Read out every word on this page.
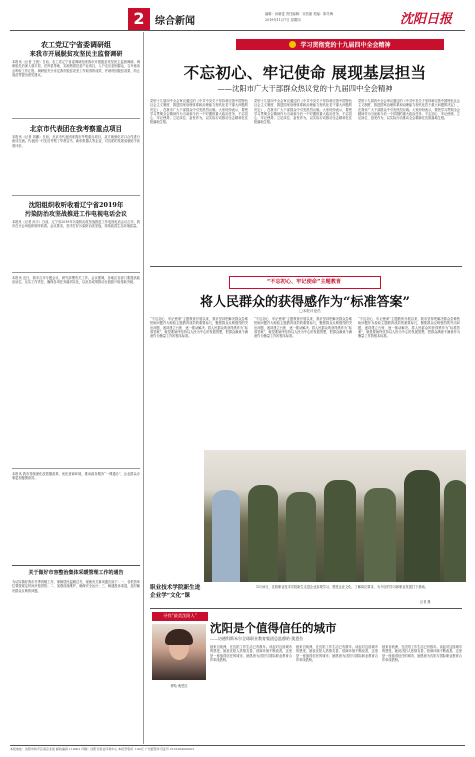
2	综合新闻
编辑：孙晓雯 责任编辑：宋晋丽 美编：陈冬梅
2019年11月7日 星期四	沈阳日报
农工党辽宁省委调研组
来我市开展脱贫攻坚民主监督调研
本报讯（记者 王晨）日前，农工党辽宁省委调研组来我市开展脱贫攻坚民主监督调研。调研组先后深入康平县、法库县等地，实地察看扶贫产业项目，入户走访贫困群众，召开座谈会听取工作汇报。调研组充分肯定我市脱贫攻坚工作取得的成效，并就巩固脱贫成果、防止返贫等提出意见建议。
北京市代表团在我考察重点项目
本报讯（记者 刘鹏）日前，北京市代表团来我市考察重点项目，双方就深化对口合作进行座谈交流。代表团一行先后考察了华晨宝马、新松机器人等企业，对沈阳的发展成就给予高度评价。
沈阳组织收听收看辽宁省2019年
污染防治攻坚战推进工作电视电话会议
本报讯（记者 孙宇）日前，辽宁省2019年污染防治攻坚战推进工作电视电话会议召开，我市在分会场组织收听收看。会议要求，坚决打好污染防治攻坚战，持续改善生态环境质量。
本报讯 近日，我市召开专题会议，研究部署有关工作。会议强调，各地区各部门要提高政治站位，压实工作责任，确保各项任务落到实处，以优异成绩推动全面振兴取得新突破。
本报讯 我市持续深化放管服改革，优化营商环境，推动政务服务“一网通办”，企业群众办事更加便捷高效。
关于做好市容整治集体采暖管理工作的通告
为切实做好我市冬季供暖工作，保障居民温暖过冬，现就有关事项通告如下：一、各供热单位要按规定时间开栓供热；二、加强设施维护，确保安全运行；三、畅通投诉渠道，及时解决群众反映的问题。
学习贯彻党的十九届四中全会精神
不忘初心、牢记使命 展现基层担当
——沈阳市广大干部群众热议党的十九届四中全会精神
党的十九届四中全会审议通过的《中共中央关于坚持和完善中国特色社会主义制度、推进国家治理体系和治理能力现代化若干重大问题的决定》，在我市广大干部群众中引发热烈反响。大家纷纷表示，要把学习贯彻全会精神作为当前和今后一个时期的重大政治任务，不忘初心、牢记使命，立足岗位、奋发作为，以实际行动推动全会精神在沈阳落地生根。
党的十九届四中全会审议通过的《中共中央关于坚持和完善中国特色社会主义制度、推进国家治理体系和治理能力现代化若干重大问题的决定》，在我市广大干部群众中引发热烈反响。大家纷纷表示，要把学习贯彻全会精神作为当前和今后一个时期的重大政治任务，不忘初心、牢记使命，立足岗位、奋发作为，以实际行动推动全会精神在沈阳落地生根。
党的十九届四中全会审议通过的《中共中央关于坚持和完善中国特色社会主义制度、推进国家治理体系和治理能力现代化若干重大问题的决定》，在我市广大干部群众中引发热烈反响。大家纷纷表示，要把学习贯彻全会精神作为当前和今后一个时期的重大政治任务，不忘初心、牢记使命，立足岗位、奋发作为，以实际行动推动全会精神在沈阳落地生根。
“不忘初心、牢记使命”主题教育
将人民群众的获得感作为“标准答案”
□本报评论员
“不忘初心、牢记使命”主题教育开展以来，我市坚持把解决群众急难愁盼问题作为检验主题教育成效的重要标尺，聚焦群众反映强烈的突出问题，逐项建立台账、逐一推动解决。将人民群众的获得感作为“标准答案”，就是要始终坚持以人民为中心的发展思想，把群众满意不满意作为衡量工作的根本标准。
“不忘初心、牢记使命”主题教育开展以来，我市坚持把解决群众急难愁盼问题作为检验主题教育成效的重要标尺，聚焦群众反映强烈的突出问题，逐项建立台账、逐一推动解决。将人民群众的获得感作为“标准答案”，就是要始终坚持以人民为中心的发展思想，把群众满意不满意作为衡量工作的根本标准。
“不忘初心、牢记使命”主题教育开展以来，我市坚持把解决群众急难愁盼问题作为检验主题教育成效的重要标尺，聚焦群众反映强烈的突出问题，逐项建立台账、逐一推动解决。将人民群众的获得感作为“标准答案”，就是要始终坚持以人民为中心的发展思想，把群众满意不满意作为衡量工作的根本标准。
职业技术学院新生进企业学“文化”课
11月6日，沈阳职业技术学院新生走进企业参观学习，感受企业文化，了解岗位要求，为今后的学习和职业发展打下基础。
记者 摄
寻找“最美沈阳人”
沈阳是个值得信任的城市
——访德科斯米尔全球职业教育集团总监穆哈·奥恩拉
她来自欧洲，在沈阳工作生活已有数年。谈起对这座城市的感受，她说沈阳人热情友善，营商环境不断改善，这里是一座值得信任的城市，她愿意为沈阳与国际职业教育合作牵线搭桥。
她来自欧洲，在沈阳工作生活已有数年。谈起对这座城市的感受，她说沈阳人热情友善，营商环境不断改善，这里是一座值得信任的城市，她愿意为沈阳与国际职业教育合作牵线搭桥。
她来自欧洲，在沈阳工作生活已有数年。谈起对这座城市的感受，她说沈阳人热情友善，营商环境不断改善，这里是一座值得信任的城市，她愿意为沈阳与国际职业教育合作牵线搭桥。
穆哈·奥恩拉
本报地址：沈阳市和平区南京北街 邮政编码 110001 印刷：沈阳日报社印务中心 本报零售价 1.00元 广告经营许可证号 2101004000021
